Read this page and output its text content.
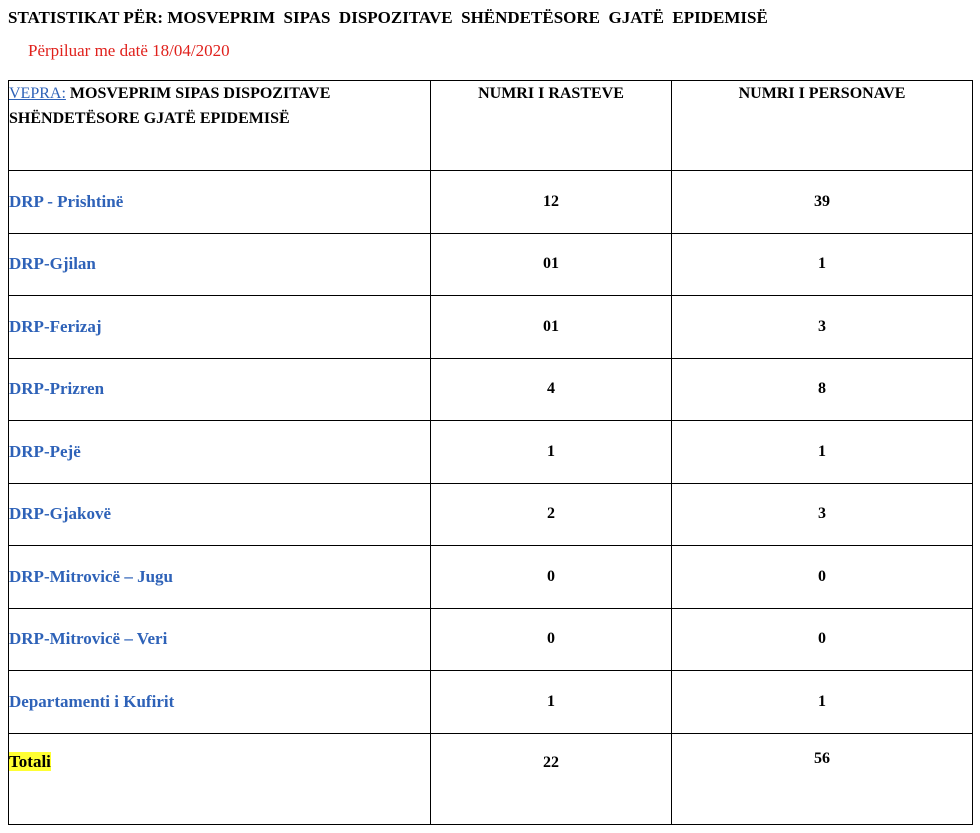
STATISTIKAT PËR: MOSVEPRIM  SIPAS  DISPOZITAVE  SHËNDETËSORE  GJATË  EPIDEMISË
Përpiluar me datë 18/04/2020
VEPRA: MOSVEPRIM SIPAS DISPOZITAVE SHËNDETËSORE GJATË EPIDEMISË	NUMRI I RASTEVE	NUMRI I PERSONAVE
DRP - Prishtinë	12	39
DRP-Gjilan	01	1
DRP-Ferizaj	01	3
DRP-Prizren	4	8
DRP-Pejë	1	1
DRP-Gjakovë	2	3
DRP-Mitrovicë – Jugu	0	0
DRP-Mitrovicë – Veri	0	0
Departamenti i Kufirit	1	1
Totali	22	56
